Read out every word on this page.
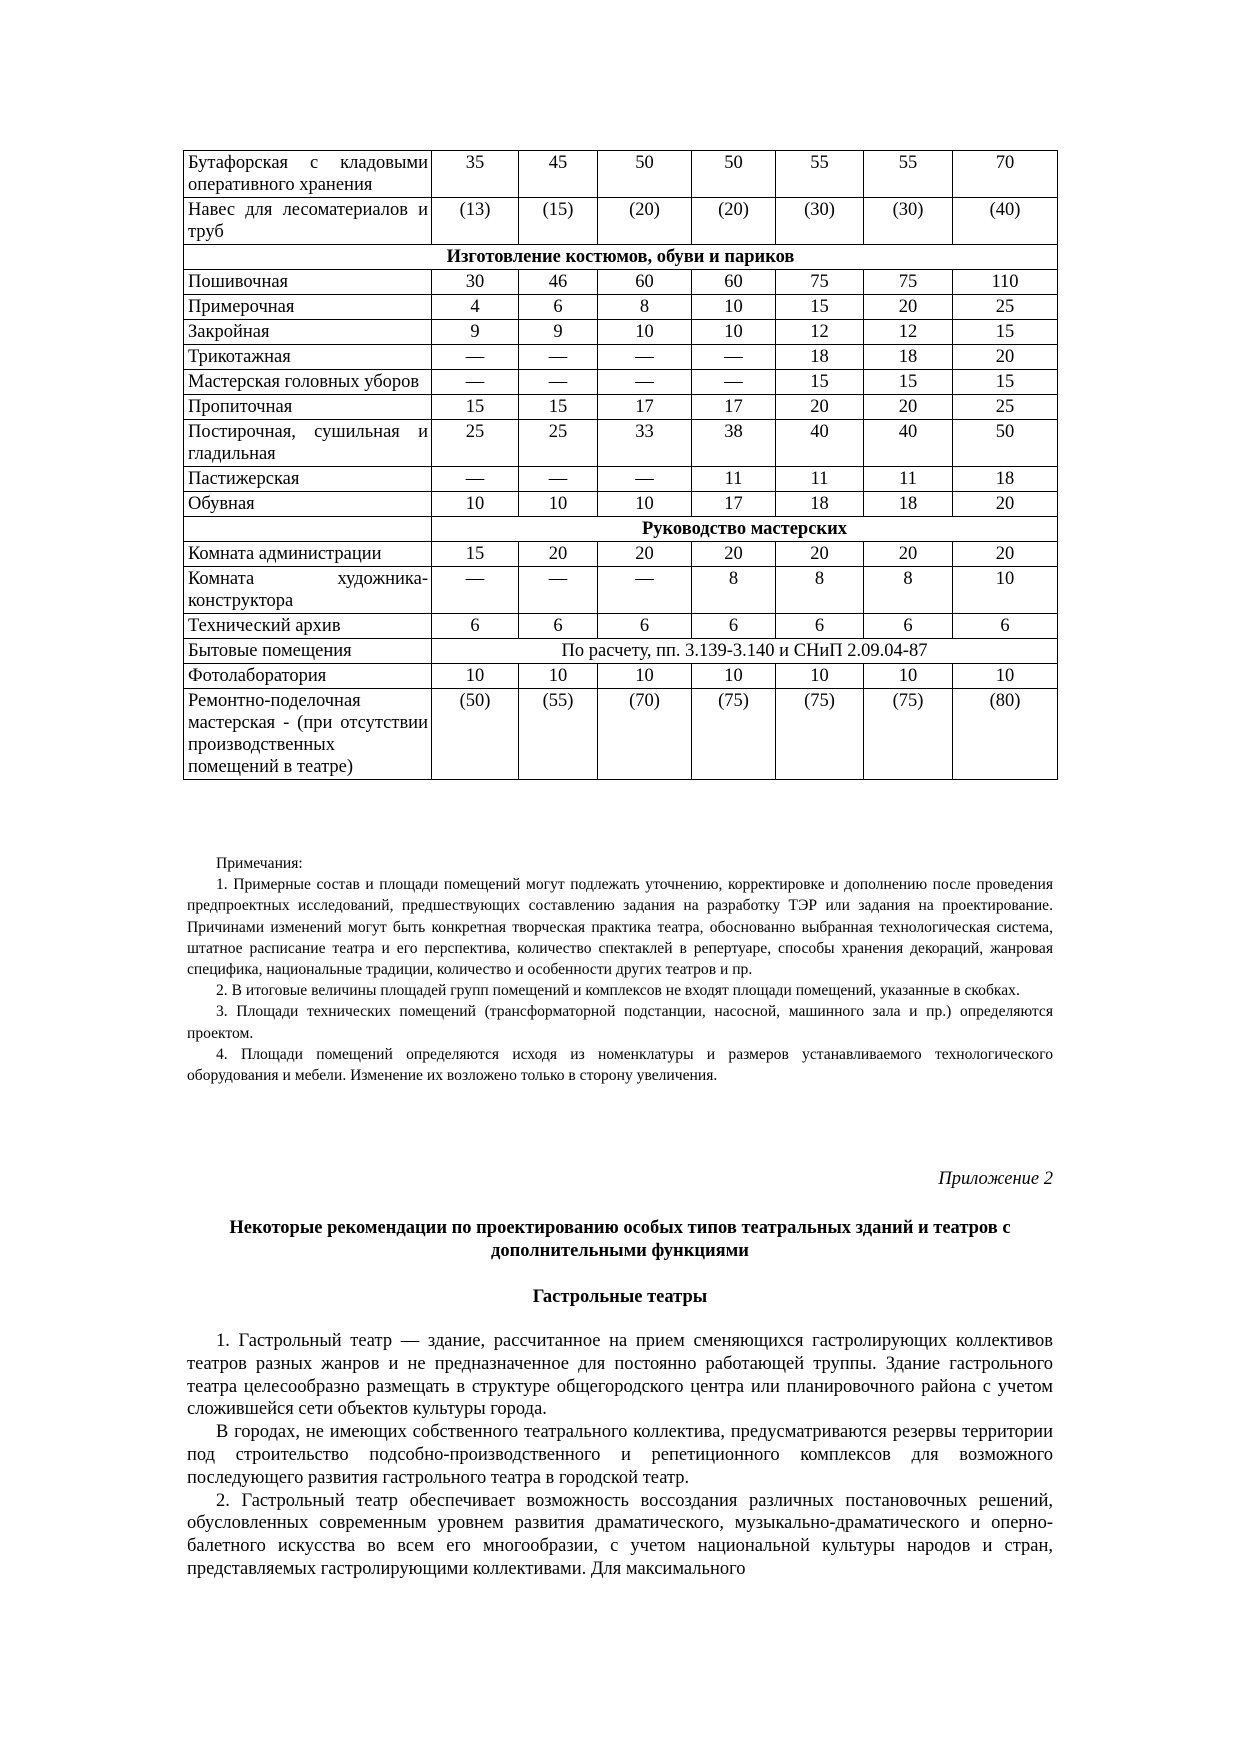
Бутафорская с кладовыми оперативного хранения	35	45	50	50	55	55	70
Навес для лесоматериалов и труб	(13)	(15)	(20)	(20)	(30)	(30)	(40)
Изготовление костюмов, обуви и париков							
Пошивочная	30	46	60	60	75	75	110
Примерочная	4	6	8	10	15	20	25
Закройная	9	9	10	10	12	12	15
Трикотажная	—	—	—	—	18	18	20
Мастерская головных уборов	—	—	—	—	15	15	15
Пропиточная	15	15	17	17	20	20	25
Постирочная, сушильная и гладильная	25	25	33	38	40	40	50
Пастижерская	—	—	—	11	11	11	18
Обувная	10	10	10	17	18	18	20
	Руководство мастерских						
Комната администрации	15	20	20	20	20	20	20
Комната художника-конструктора	—	—	—	8	8	8	10
Технический архив	6	6	6	6	6	6	6
Бытовые помещения	По расчету, пп. 3.139-3.140 и СНиП 2.09.04-87						
Фотолаборатория	10	10	10	10	10	10	10
Ремонтно-поделочная мастерская - (при отсутствии производственных помещений в театре)	(50)	(55)	(70)	(75)	(75)	(75)	(80)

Примечания:

1. Примерные состав и площади помещений могут подлежать уточнению, корректировке и дополнению после проведения предпроектных исследований, предшествующих составлению задания на разработку ТЭР или задания на проектирование. Причинами изменений могут быть конкретная творческая практика театра, обоснованно выбранная технологическая система, штатное расписание театра и его перспектива, количество спектаклей в репертуаре, способы хранения декораций, жанровая специфика, национальные традиции, количество и особенности других театров и пр.

2. В итоговые величины площадей групп помещений и комплексов не входят площади помещений, указанные в скобках.

3. Площади технических помещений (трансформаторной подстанции, насосной, машинного зала и пр.) определяются проектом.

4. Площади помещений определяются исходя из номенклатуры и размеров устанавливаемого технологического оборудования и мебели. Изменение их возложено только в сторону увеличения.

Приложение 2
Некоторые рекомендации по проектированию особых типов театральных зданий и театров с дополнительными функциями
Гастрольные театры

1. Гастрольный театр — здание, рассчитанное на прием сменяющихся гастролирующих коллективов театров разных жанров и не предназначенное для постоянно работающей труппы. Здание гастрольного театра целесообразно размещать в структуре общегородского центра или планировочного района с учетом сложившейся сети объектов культуры города.

В городах, не имеющих собственного театрального коллектива, предусматриваются резервы территории под строительство подсобно-производственного и репетиционного комплексов для возможного последующего развития гастрольного театра в городской театр.

2. Гастрольный театр обеспечивает возможность воссоздания различных постановочных решений, обусловленных современным уровнем развития драматического, музыкально-драматического и оперно-балетного искусства во всем его многообразии, с учетом национальной культуры народов и стран, представляемых гастролирующими коллективами. Для максимального
